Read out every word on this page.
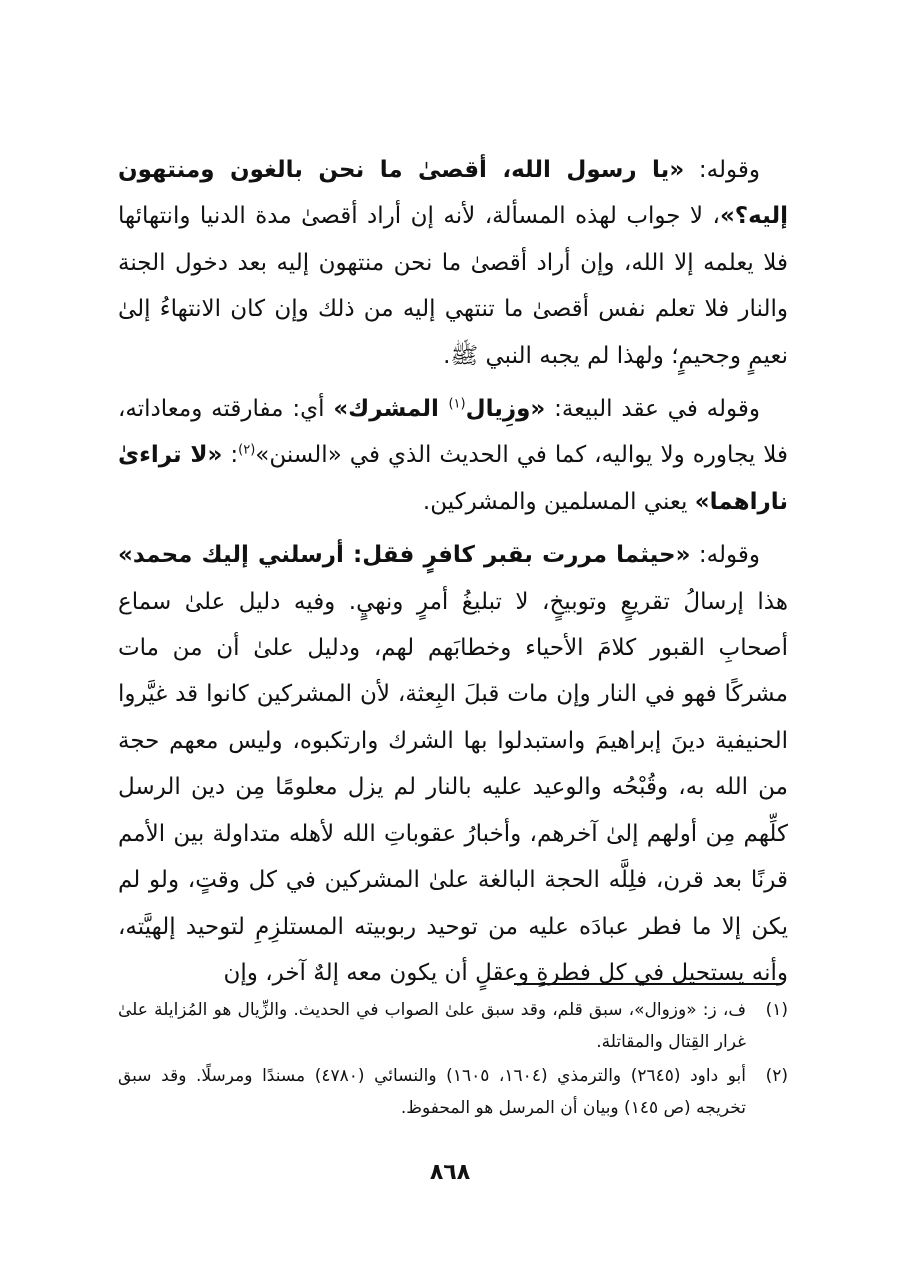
وقوله: «يا رسول الله، أقصىٰ ما نحن بالغون ومنتهون إليه؟»، لا جواب لهذه المسألة، لأنه إن أراد أقصىٰ مدة الدنيا وانتهائها فلا يعلمه إلا الله، وإن أراد أقصىٰ ما نحن منتهون إليه بعد دخول الجنة والنار فلا تعلم نفس أقصىٰ ما تنتهي إليه من ذلك وإن كان الانتهاءُ إلىٰ نعيمٍ وجحيمٍ؛ ولهذا لم يجبه النبي ﷺ.

وقوله في عقد البيعة: «وزِيال$^{(١)}$ المشرك» أي: مفارقته ومعاداته، فلا يجاوره ولا يواليه، كما في الحديث الذي في «السنن»$^{(٢)}$: «لا تراءىٰ ناراهما» يعني المسلمين والمشركين.

وقوله: «حيثما مررت بقبر كافرٍ فقل: أرسلني إليك محمد» هذا إرسالُ تقريعٍ وتوبيخٍ، لا تبليغُ أمرٍ ونهيٍ. وفيه دليل علىٰ سماع أصحابِ القبور كلامَ الأحياء وخطابَهم لهم، ودليل علىٰ أن من مات مشركًا فهو في النار وإن مات قبلَ البِعثة، لأن المشركين كانوا قد غيَّروا الحنيفية دينَ إبراهيمَ واستبدلوا بها الشرك وارتكبوه، وليس معهم حجة من الله به، وقُبْحُه والوعيد عليه بالنار لم يزل معلومًا مِن دين الرسل كلِّهم مِن أولهم إلىٰ آخرهم، وأخبارُ عقوباتِ الله لأهله متداولة بين الأمم قرنًا بعد قرن، فلِلَّه الحجة البالغة علىٰ المشركين في كل وقتٍ، ولو لم يكن إلا ما فطر عبادَه عليه من توحيد ربوبيته المستلزِمِ لتوحيد إلهيَّته، وأنه يستحيل في كل فطرةٍ وعقلٍ أن يكون معه إلهٌ آخر، وإن

(١)
ف، ز: «وزوال»، سبق قلم، وقد سبق علىٰ الصواب في الحديث. والزِّيال هو المُزايلة علىٰ غرار القِتال والمقاتلة.
(٢)
أبو داود (٢٦٤٥) والترمذي (١٦٠٤، ١٦٠٥) والنسائي (٤٧٨٠) مسندًا ومرسلًا. وقد سبق تخريجه (ص ١٤٥) وبيان أن المرسل هو المحفوظ.
٨٦٨
